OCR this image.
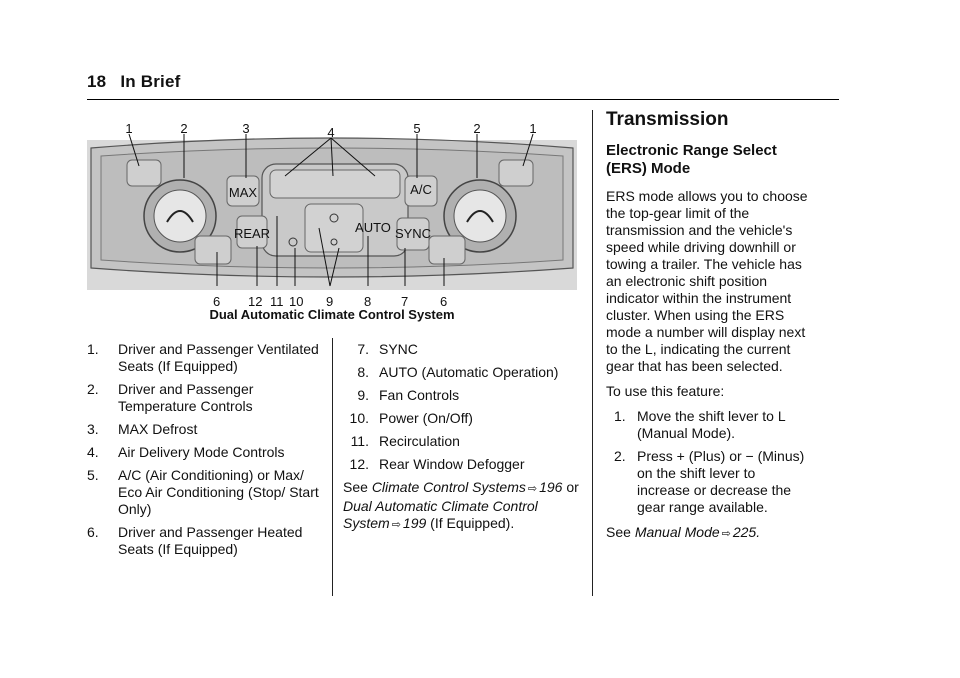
18 In Brief
MAX
REAR	AUTO
A/C
SYNC
1	2	3	4	5	2	1
6 12 11 10 9 8 7 6
Dual Automatic Climate Control System
1.	Driver and Passenger Ventilated Seats (If Equipped)
2.	Driver and Passenger Temperature Controls
3.	MAX Defrost
4.	Air Delivery Mode Controls
5.	A/C (Air Conditioning) or Max/ Eco Air Conditioning (Stop/ Start Only)
6.	Driver and Passenger Heated Seats (If Equipped)
7. SYNC
8. AUTO (Automatic Operation)
9. Fan Controls
10. Power (On/Off)
11. Recirculation
12. Rear Window Defogger
See Climate Control Systems ⇨ 196 or Dual Automatic Climate Control System ⇨ 199 (If Equipped).
Transmission
Electronic Range Select (ERS) Mode

ERS mode allows you to choose the top-gear limit of the transmission and the vehicle's speed while driving downhill or towing a trailer. The vehicle has an electronic shift position indicator within the instrument cluster. When using the ERS mode a number will display next to the L, indicating the current gear that has been selected.

To use this feature:

1. Move the shift lever to L (Manual Mode).
2. Press + (Plus) or − (Minus) on the shift lever to increase or decrease the gear range available.
See Manual Mode ⇨ 225.
